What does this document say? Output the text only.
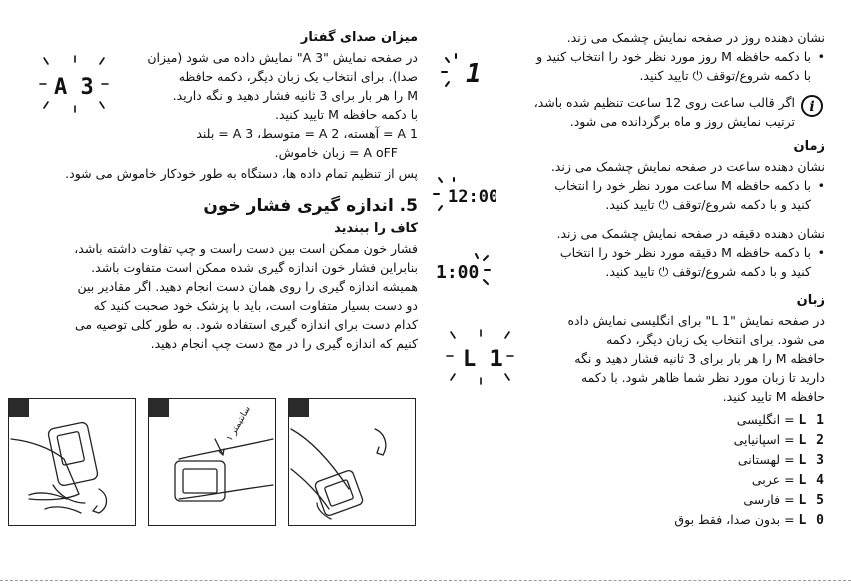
نشان دهنده روز در صفحه نمایش چشمک می زند.
• با دکمه حافظه M روز مورد نظر خود را انتخاب کنید و
با دکمه شروع/توقف ⏻ تایید کنید.
i
اگر قالب ساعت روی 12 ساعت تنظیم شده باشد،
ترتیب نمایش روز و ماه برگردانده می شود.
زمان
نشان دهنده ساعت در صفحه نمایش چشمک می زند.
• با دکمه حافظه M ساعت مورد نظر خود را انتخاب
کنید و با دکمه شروع/توقف ⏻ تایید کنید.
نشان دهنده دقیقه در صفحه نمایش چشمک می زند.
• با دکمه حافظه M دقیقه مورد نظر خود را انتخاب
کنید و با دکمه شروع/توقف ⏻ تایید کنید.
زبان
در صفحه نمایش "L 1" برای انگلیسی نمایش داده
می شود. برای انتخاب یک زبان دیگر، دکمه
حافظه M را هر بار برای 3 ثانیه فشار دهید و نگه
دارید تا زبان مورد نظر شما ظاهر شود. با دکمه
حافظه M تایید کنید.
L 1 = انگلیسی
L 2 = اسپانیایی
L 3 = لهستانی
L 4 = عربی
L 5 = فارسی
L 0 = بدون صدا، فقط بوق
1
12:00
1:00
L 1
میزان صدای گفتار
در صفحه نمایش "A 3" نمایش داده می شود (میزان
صدا). برای انتخاب یک زبان دیگر، دکمه حافظه
M را هر بار برای 3 ثانیه فشار دهید و نگه دارید.
با دکمه حافظه M تایید کنید.
A 1 = آهسته، A 2 = متوسط، A 3 = بلند
A oFF = زبان خاموش.
پس از تنظیم تمام داده ها، دستگاه به طور خودکار خاموش می شود.
5. اندازه گیری فشار خون
کاف را ببندید
فشار خون ممکن است بین دست راست و چپ تفاوت داشته باشد،
بنابراین فشار خون اندازه گیری شده ممکن است متفاوت باشد.
همیشه اندازه گیری را روی همان دست انجام دهید. اگر مقادیر بین
دو دست بسیار متفاوت است، باید با پزشک خود صحبت کنید که
کدام دست برای اندازه گیری استفاده شود. به طور کلی توصیه می
کنیم که اندازه گیری را در مچ دست چپ انجام دهید.
A 3
۱ سانتیمتر
